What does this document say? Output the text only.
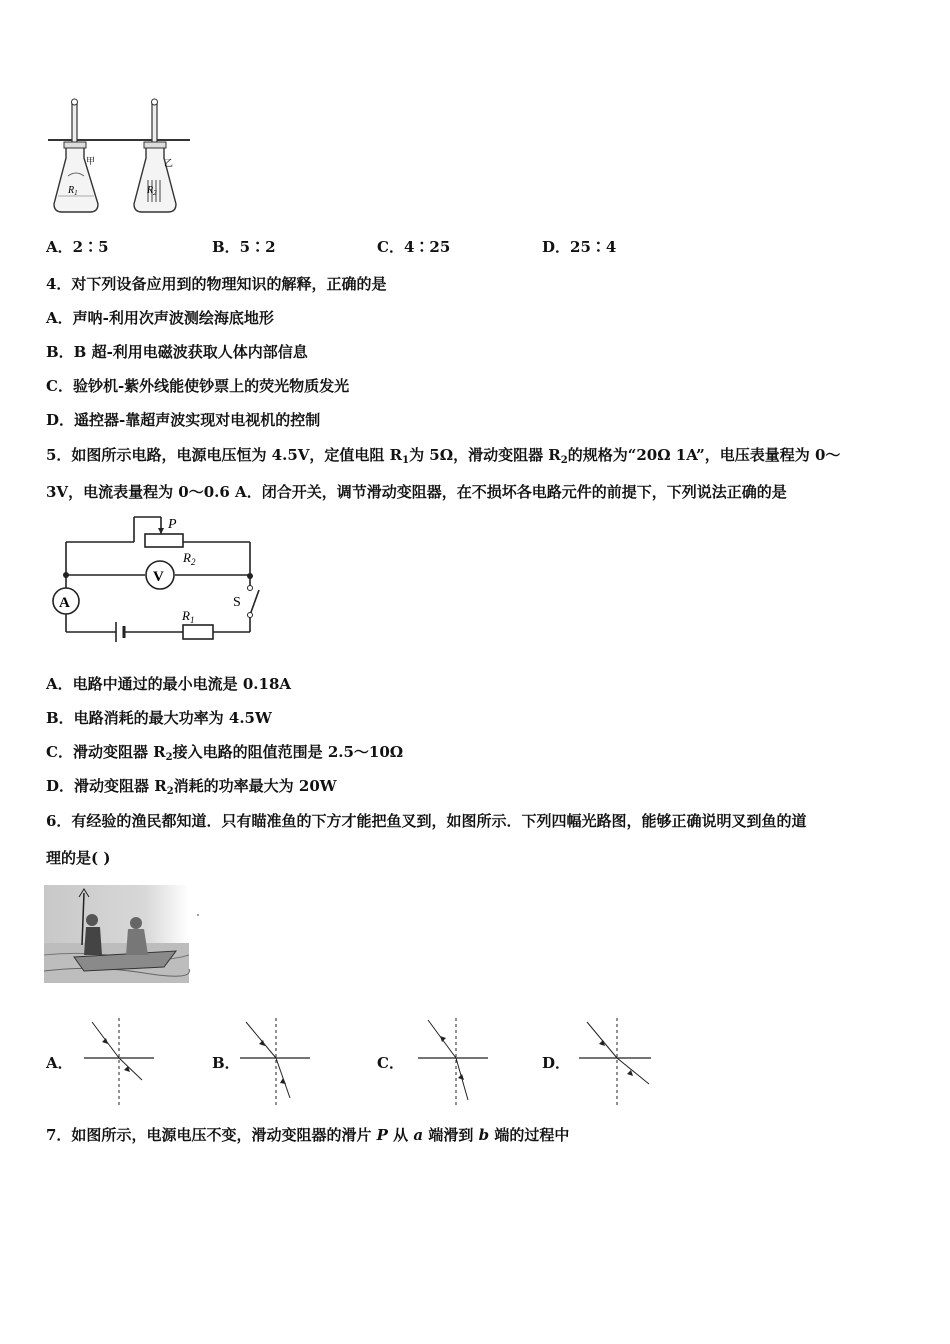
$R_1$
甲
$R_2$
乙
A．2∶5	B．5∶2	C．4∶25	D．25∶4
4．对下列设备应用到的物理知识的解释，正确的是
A．声呐-利用次声波测绘海底地形
B．B 超-利用电磁波获取人体内部信息
C．验钞机-紫外线能使钞票上的荧光物质发光
D．遥控器-靠超声波实现对电视机的控制
5．如图所示电路，电源电压恒为 4.5V，定值电阻 $R_1$为 5Ω，滑动变阻器 $R_2$的规格为“20Ω 1A”，电压表量程为 0～
3V，电流表量程为 0～0.6 A．闭合开关，调节滑动变阻器，在不损坏各电路元件的前提下，下列说法正确的是
P
$R_2$
V
A	S
$R_1$
A．电路中通过的最小电流是 0.18A
B．电路消耗的最大功率为 4.5W
C．滑动变阻器 $R_2$接入电路的阻值范围是 2.5～10Ω
D．滑动变阻器 $R_2$消耗的功率最大为 20W
6．有经验的渔民都知道．只有瞄准鱼的下方才能把鱼叉到，如图所示．下列四幅光路图，能够正确说明叉到鱼的道
理的是( )
A．	B．	C．	D．
7．如图所示，电源电压不变，滑动变阻器的滑片 P 从 a 端滑到 b 端的过程中
